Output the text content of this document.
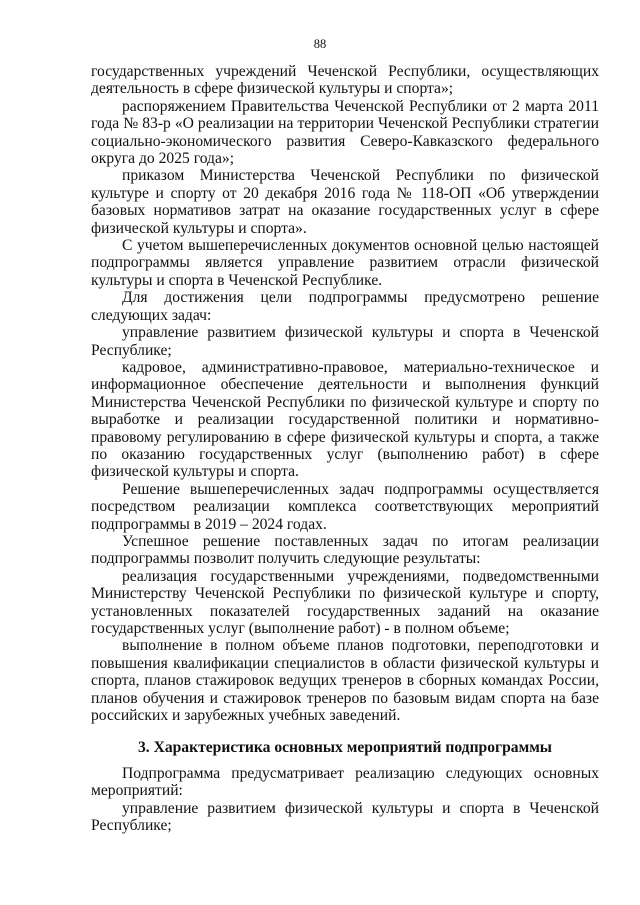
88

государственных учреждений Чеченской Республики, осуществляющих деятельность в сфере физической культуры и спорта»;

распоряжением Правительства Чеченской Республики от 2 марта 2011 года № 83-р «О реализации на территории Чеченской Республики стратегии социально-экономического развития Северо-Кавказского федерального округа до 2025 года»;

приказом Министерства Чеченской Республики по физической культуре и спорту от 20 декабря 2016 года № 118-ОП «Об утверждении базовых нормативов затрат на оказание государственных услуг в сфере физической культуры и спорта».

С учетом вышеперечисленных документов основной целью настоящей подпрограммы является управление развитием отрасли физической культуры и спорта в Чеченской Республике.

Для достижения цели подпрограммы предусмотрено решение следующих задач:

управление развитием физической культуры и спорта в Чеченской Республике;

кадровое, административно-правовое, материально-техническое и информационное обеспечение деятельности и выполнения функций Министерства Чеченской Республики по физической культуре и спорту по выработке и реализации государственной политики и нормативно-правовому регулированию в сфере физической культуры и спорта, а также по оказанию государственных услуг (выполнению работ) в сфере физической культуры и спорта.

Решение вышеперечисленных задач подпрограммы осуществляется посредством реализации комплекса соответствующих мероприятий подпрограммы в 2019 – 2024 годах.

Успешное решение поставленных задач по итогам реализации подпрограммы позволит получить следующие результаты:

реализация государственными учреждениями, подведомственными Министерству Чеченской Республики по физической культуре и спорту, установленных показателей государственных заданий на оказание государственных услуг (выполнение работ) - в полном объеме;

выполнение в полном объеме планов подготовки, переподготовки и повышения квалификации специалистов в области физической культуры и спорта, планов стажировок ведущих тренеров в сборных командах России, планов обучения и стажировок тренеров по базовым видам спорта на базе российских и зарубежных учебных заведений.

3. Характеристика основных мероприятий подпрограммы

Подпрограмма предусматривает реализацию следующих основных мероприятий:

управление развитием физической культуры и спорта в Чеченской Республике;
